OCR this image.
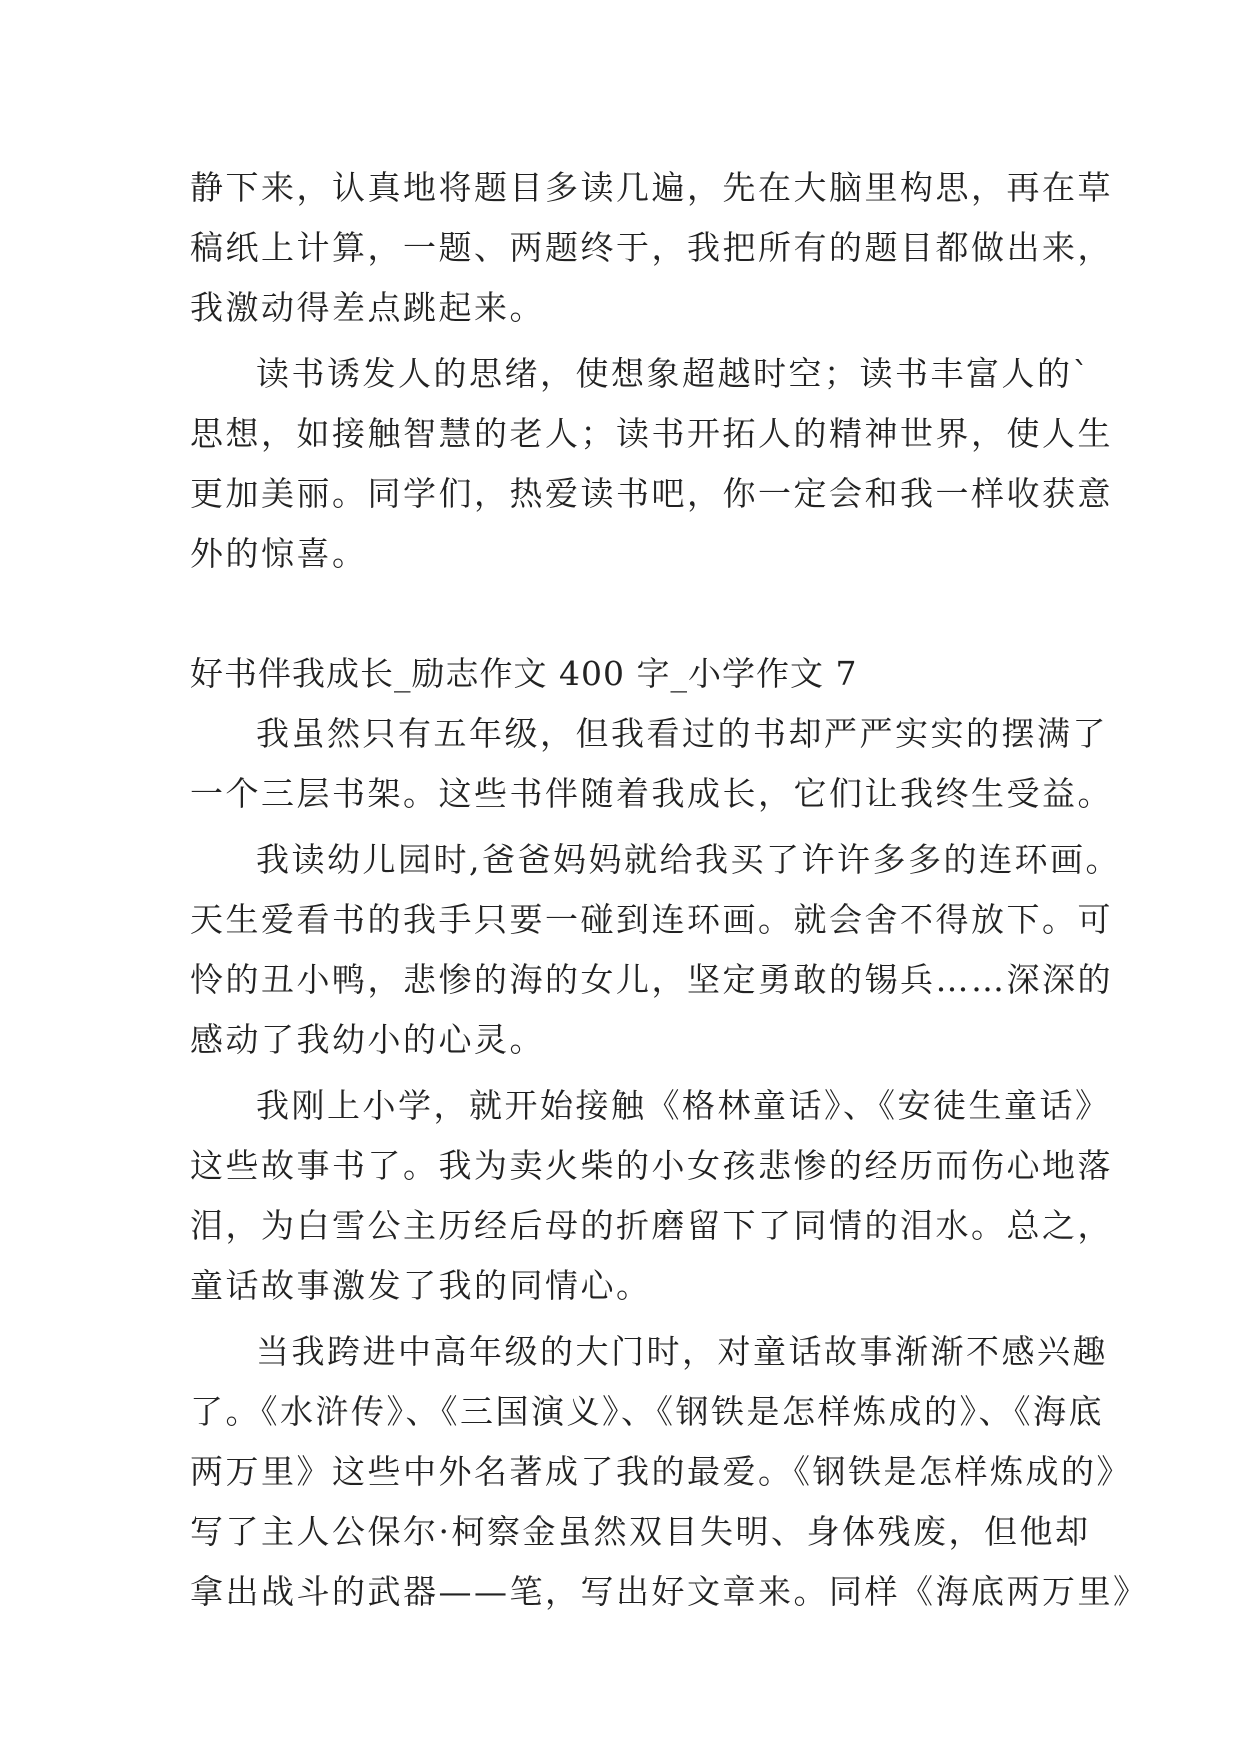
静下来，认真地将题目多读几遍，先在大脑里构思，再在草
稿纸上计算，一题、两题终于，我把所有的题目都做出来，
我激动得差点跳起来。
读书诱发人的思绪，使想象超越时空；读书丰富人的`
思想，如接触智慧的老人；读书开拓人的精神世界，使人生
更加美丽。同学们，热爱读书吧，你一定会和我一样收获意
外的惊喜。
好书伴我成长_励志作文 400 字_小学作文 7
我虽然只有五年级，但我看过的书却严严实实的摆满了
一个三层书架。这些书伴随着我成长，它们让我终生受益。
我读幼儿园时,爸爸妈妈就给我买了许许多多的连环画。
天生爱看书的我手只要一碰到连环画。就会舍不得放下。可
怜的丑小鸭，悲惨的海的女儿，坚定勇敢的锡兵……深深的
感动了我幼小的心灵。
我刚上小学，就开始接触《格林童话》、《安徒生童话》
这些故事书了。我为卖火柴的小女孩悲惨的经历而伤心地落
泪，为白雪公主历经后母的折磨留下了同情的泪水。总之，
童话故事激发了我的同情心。
当我跨进中高年级的大门时，对童话故事渐渐不感兴趣
了。《水浒传》、《三国演义》、《钢铁是怎样炼成的》、《海底
两万里》这些中外名著成了我的最爱。《钢铁是怎样炼成的》
写了主人公保尔·柯察金虽然双目失明、身体残废，但他却
拿出战斗的武器——笔，写出好文章来。同样《海底两万里》
